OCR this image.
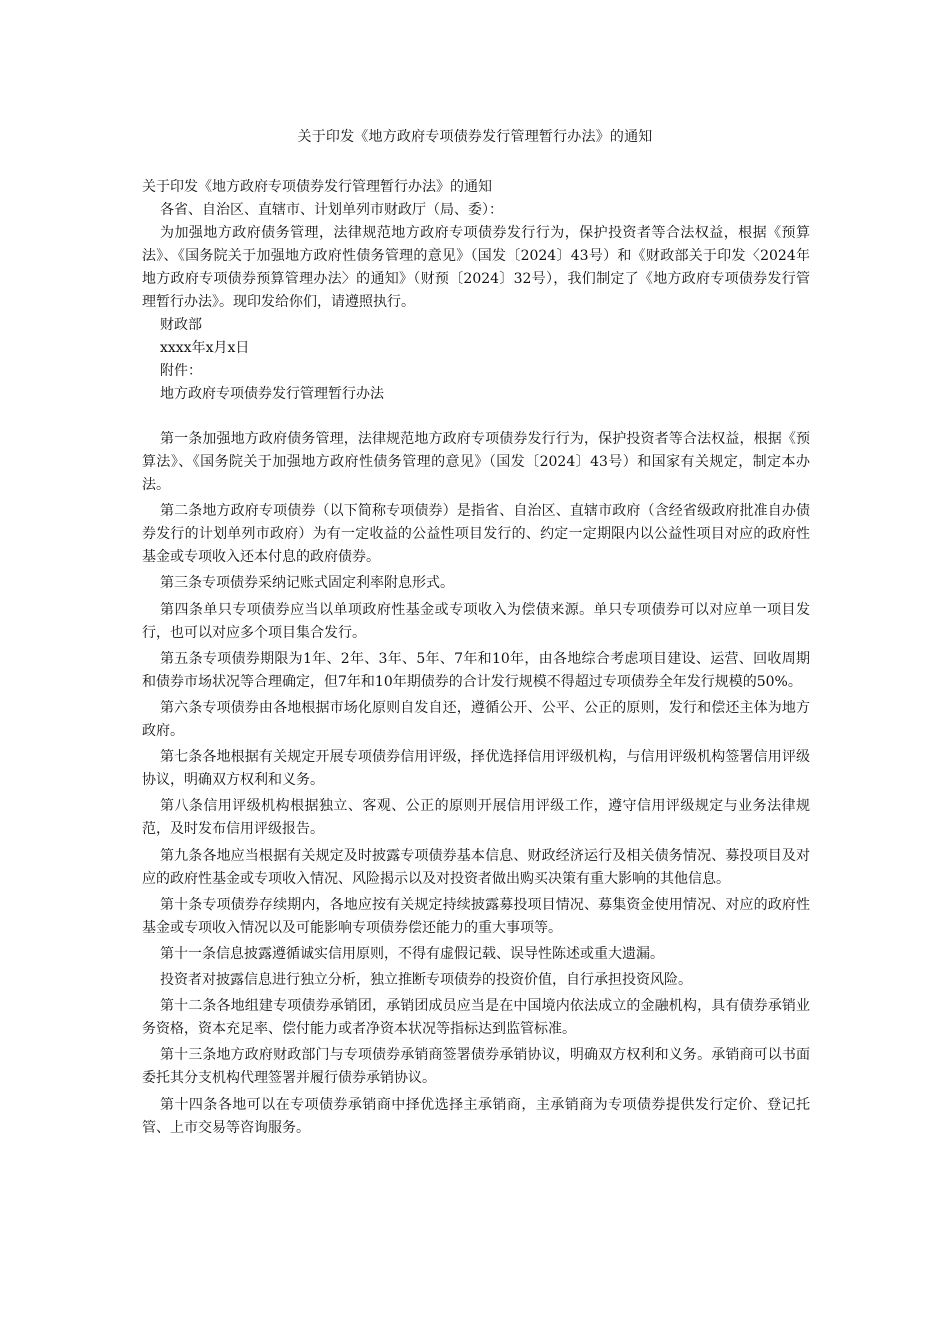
关于印发《地方政府专项债券发行管理暂行办法》的通知

关于印发《地方政府专项债券发行管理暂行办法》的通知

各省、自治区、直辖市、计划单列市财政厅（局、委）：

为加强地方政府债务管理，法律规范地方政府专项债券发行行为，保护投资者等合法权益，根据《预算法》、《国务院关于加强地方政府性债务管理的意见》（国发〔2024〕43号）和《财政部关于印发〈2024年地方政府专项债券预算管理办法〉的通知》（财预〔2024〕32号），我们制定了《地方政府专项债券发行管理暂行办法》。现印发给你们，请遵照执行。

财政部

xxxx年x月x日

附件：

地方政府专项债券发行管理暂行办法

第一条加强地方政府债务管理，法律规范地方政府专项债券发行行为，保护投资者等合法权益，根据《预算法》、《国务院关于加强地方政府性债务管理的意见》（国发〔2024〕43号）和国家有关规定，制定本办法。

第二条地方政府专项债券（以下简称专项债券）是指省、自治区、直辖市政府（含经省级政府批准自办债券发行的计划单列市政府）为有一定收益的公益性项目发行的、约定一定期限内以公益性项目对应的政府性基金或专项收入还本付息的政府债券。

第三条专项债券采纳记账式固定利率附息形式。

第四条单只专项债券应当以单项政府性基金或专项收入为偿债来源。单只专项债券可以对应单一项目发行，也可以对应多个项目集合发行。

第五条专项债券期限为1年、2年、3年、5年、7年和10年，由各地综合考虑项目建设、运营、回收周期和债券市场状况等合理确定，但7年和10年期债券的合计发行规模不得超过专项债券全年发行规模的50%。

第六条专项债券由各地根据市场化原则自发自还，遵循公开、公平、公正的原则，发行和偿还主体为地方政府。

第七条各地根据有关规定开展专项债券信用评级，择优选择信用评级机构，与信用评级机构签署信用评级协议，明确双方权利和义务。

第八条信用评级机构根据独立、客观、公正的原则开展信用评级工作，遵守信用评级规定与业务法律规范，及时发布信用评级报告。

第九条各地应当根据有关规定及时披露专项债券基本信息、财政经济运行及相关债务情况、募投项目及对应的政府性基金或专项收入情况、风险揭示以及对投资者做出购买决策有重大影响的其他信息。

第十条专项债券存续期内，各地应按有关规定持续披露募投项目情况、募集资金使用情况、对应的政府性基金或专项收入情况以及可能影响专项债券偿还能力的重大事项等。

第十一条信息披露遵循诚实信用原则，不得有虚假记载、误导性陈述或重大遗漏。

投资者对披露信息进行独立分析，独立推断专项债券的投资价值，自行承担投资风险。

第十二条各地组建专项债券承销团，承销团成员应当是在中国境内依法成立的金融机构，具有债券承销业务资格，资本充足率、偿付能力或者净资本状况等指标达到监管标准。

第十三条地方政府财政部门与专项债券承销商签署债券承销协议，明确双方权利和义务。承销商可以书面委托其分支机构代理签署并履行债券承销协议。

第十四条各地可以在专项债券承销商中择优选择主承销商，主承销商为专项债券提供发行定价、登记托管、上市交易等咨询服务。
